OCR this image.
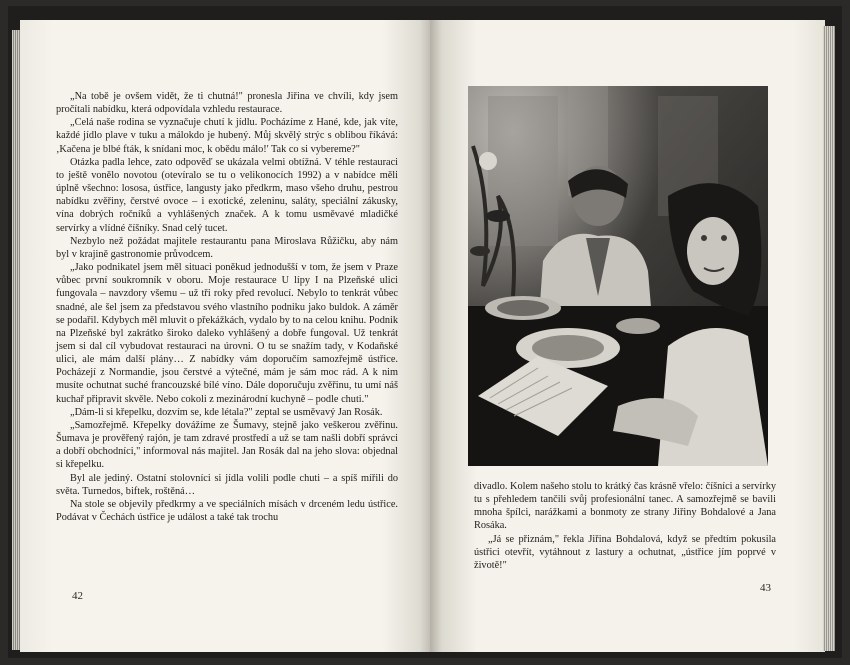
„Na tobě je ovšem vidět, že ti chutná!" pronesla Jiřina ve chvíli, kdy jsem pročítali nabídku, která odpovídala vzhledu restaurace.

„Celá naše rodina se vyznačuje chutí k jídlu. Pocházíme z Hané, kde, jak víte, každé jídlo plave v tuku a málokdo je hubený. Můj skvělý strýc s oblibou říkává: ‚Kačena je blbé fták, k snídani moc, k obědu málo!' Tak co si vybereme?"

Otázka padla lehce, zato odpověď se ukázala velmi obtížná. V téhle restauraci to ještě vonělo novotou (otevíralo se tu o velikonocích 1992) a v nabídce měli úplně všechno: lososa, ústřice, langusty jako předkrm, maso všeho druhu, pestrou nabídku zvěřiny, čerstvé ovoce – i exotické, zeleninu, saláty, speciální zákusky, vína dobrých ročníků a vyhlášených značek. A k tomu usměvavé mladičké servírky a vlídné číšníky. Snad celý tucet.

Nezbylo než požádat majitele restaurantu pana Miroslava Růžičku, aby nám byl v krajině gastronomie průvodcem.

„Jako podnikatel jsem měl situaci poněkud jednodušší v tom, že jsem v Praze vůbec první soukromník v oboru. Moje restaurace U lípy I na Plzeňské ulici fungovala – navzdory všemu – už tři roky před revolucí. Nebylo to tenkrát vůbec snadné, ale šel jsem za představou svého vlastního podniku jako buldok. A záměr se podařil. Kdybych měl mluvit o překážkách, vydalo by to na celou knihu. Podnik na Plzeňské byl zakrátko široko daleko vyhlášený a dobře fungoval. Už tenkrát jsem si dal cíl vybudovat restauraci na úrovni. O tu se snažím tady, v Kodaňské ulici, ale mám další plány… Z nabídky vám doporučím samozřejmě ústřice. Pocházejí z Normandie, jsou čerstvé a výtečné, mám je sám moc rád. A k nim musíte ochutnat suché francouzské bílé víno. Dále doporučuju zvěřinu, tu umí náš kuchař připravit skvěle. Nebo cokoli z mezinárodní kuchyně – podle chuti."

„Dám-li si křepelku, dozvím se, kde létala?" zeptal se usměvavý Jan Rosák.

„Samozřejmě. Křepelky dovážíme ze Šumavy, stejně jako veškerou zvěřinu. Šumava je prověřený rajón, je tam zdravé prostředí a už se tam našli dobří správci a dobří obchodníci," informoval nás majitel. Jan Rosák dal na jeho slova: objednal si křepelku.

Byl ale jediný. Ostatní stolovníci si jídla volili podle chuti – a spíš mířili do světa. Turnedos, biftek, roštěná…

Na stole se objevily předkrmy a ve speciálních mísách v drceném ledu ústřice. Podávat v Čechách ústřice je událost a také tak trochu

42

divadlo. Kolem našeho stolu to krátký čas krásně vřelo: číšníci a servírky tu s přehledem tančili svůj profesionální tanec. A samozřejmě se bavili mnoha špílci, narážkami a bonmoty ze strany Jiřiny Bohdalové a Jana Rosáka.

„Já se přiznám," řekla Jiřina Bohdalová, když se předtím pokusila ústřici otevřít, vytáhnout z lastury a ochutnat, „ústřice jím poprvé v životě!"

43
